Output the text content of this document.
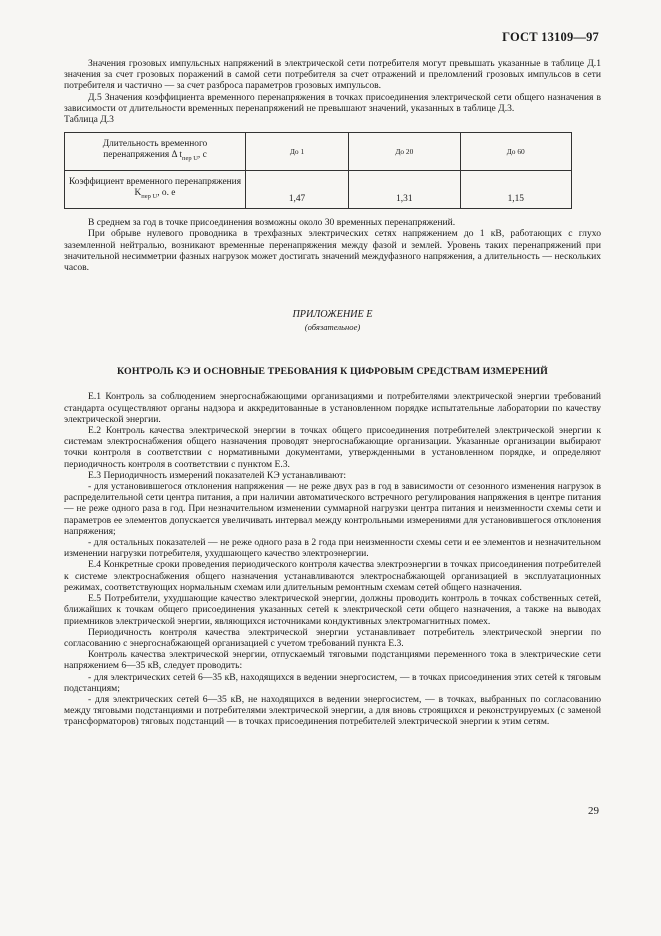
ГОСТ 13109—97

Значения грозовых импульсных напряжений в электрической сети потребителя могут превышать указанные в таблице Д.1 значения за счет грозовых поражений в самой сети потребителя за счет отражений и преломлений грозовых импульсов в сети потребителя и частично — за счет разброса параметров грозовых импульсов.

Д.5 Значения коэффициента временного перенапряжения в точках присоединения электрической сети общего назначения в зависимости от длительности временных перенапряжений не превышают значений, указанных в таблице Д.3.

Таблица Д.3

Длительность временного перенапряжения Δ $t_{пер U}$, с	До 1	До 20	До 60
Коэффициент временного перенапряжения $K_{пер U}$, о. е	1,47	1,31	1,15

В среднем за год в точке присоединения возможны около 30 временных перенапряжений.

При обрыве нулевого проводника в трехфазных электрических сетях напряжением до 1 кВ, работающих с глухо заземленной нейтралью, возникают временные перенапряжения между фазой и землей. Уровень таких перенапряжений при значительной несимметрии фазных нагрузок может достигать значений междуфазного напряжения, а длительность — нескольких часов.

ПРИЛОЖЕНИЕ Е
(обязательное)
КОНТРОЛЬ КЭ И ОСНОВНЫЕ ТРЕБОВАНИЯ К ЦИФРОВЫМ СРЕДСТВАМ ИЗМЕРЕНИЙ

Е.1 Контроль за соблюдением энергоснабжающими организациями и потребителями электрической энергии требований стандарта осуществляют органы надзора и аккредитованные в установленном порядке испытательные лаборатории по качеству электрической энергии.

Е.2 Контроль качества электрической энергии в точках общего присоединения потребителей электрической энергии к системам электроснабжения общего назначения проводят энергоснабжающие организации. Указанные организации выбирают точки контроля в соответствии с нормативными документами, утвержденными в установленном порядке, и определяют периодичность контроля в соответствии с пунктом Е.3.

Е.3 Периодичность измерений показателей КЭ устанавливают:

- для установившегося отклонения напряжения — не реже двух раз в год в зависимости от сезонного изменения нагрузок в распределительной сети центра питания, а при наличии автоматического встречного регулирования напряжения в центре питания — не реже одного раза в год. При незначительном изменении суммарной нагрузки центра питания и неизменности схемы сети и параметров ее элементов допускается увеличивать интервал между контрольными измерениями для установившегося отклонения напряжения;

- для остальных показателей — не реже одного раза в 2 года при неизменности схемы сети и ее элементов и незначительном изменении нагрузки потребителя, ухудшающего качество электроэнергии.

Е.4 Конкретные сроки проведения периодического контроля качества электроэнергии в точках присоединения потребителей к системе электроснабжения общего назначения устанавливаются электроснабжающей организацией в эксплуатационных режимах, соответствующих нормальным схемам или длительным ремонтным схемам сетей общего назначения.

Е.5 Потребители, ухудшающие качество электрической энергии, должны проводить контроль в точках собственных сетей, ближайших к точкам общего присоединения указанных сетей к электрической сети общего назначения, а также на выводах приемников электрической энергии, являющихся источниками кондуктивных электромагнитных помех.

Периодичность контроля качества электрической энергии устанавливает потребитель электрической энергии по согласованию с энергоснабжающей организацией с учетом требований пункта Е.3.

Контроль качества электрической энергии, отпускаемый тяговыми подстанциями переменного тока в электрические сети напряжением 6—35 кВ, следует проводить:

- для электрических сетей 6—35 кВ, находящихся в ведении энергосистем, — в точках присоединения этих сетей к тяговым подстанциям;

- для электрических сетей 6—35 кВ, не находящихся в ведении энергосистем, — в точках, выбранных по согласованию между тяговыми подстанциями и потребителями электрической энергии, а для вновь строящихся и реконструируемых (с заменой трансформаторов) тяговых подстанций — в точках присоединения потребителей электрической энергии к этим сетям.

29
